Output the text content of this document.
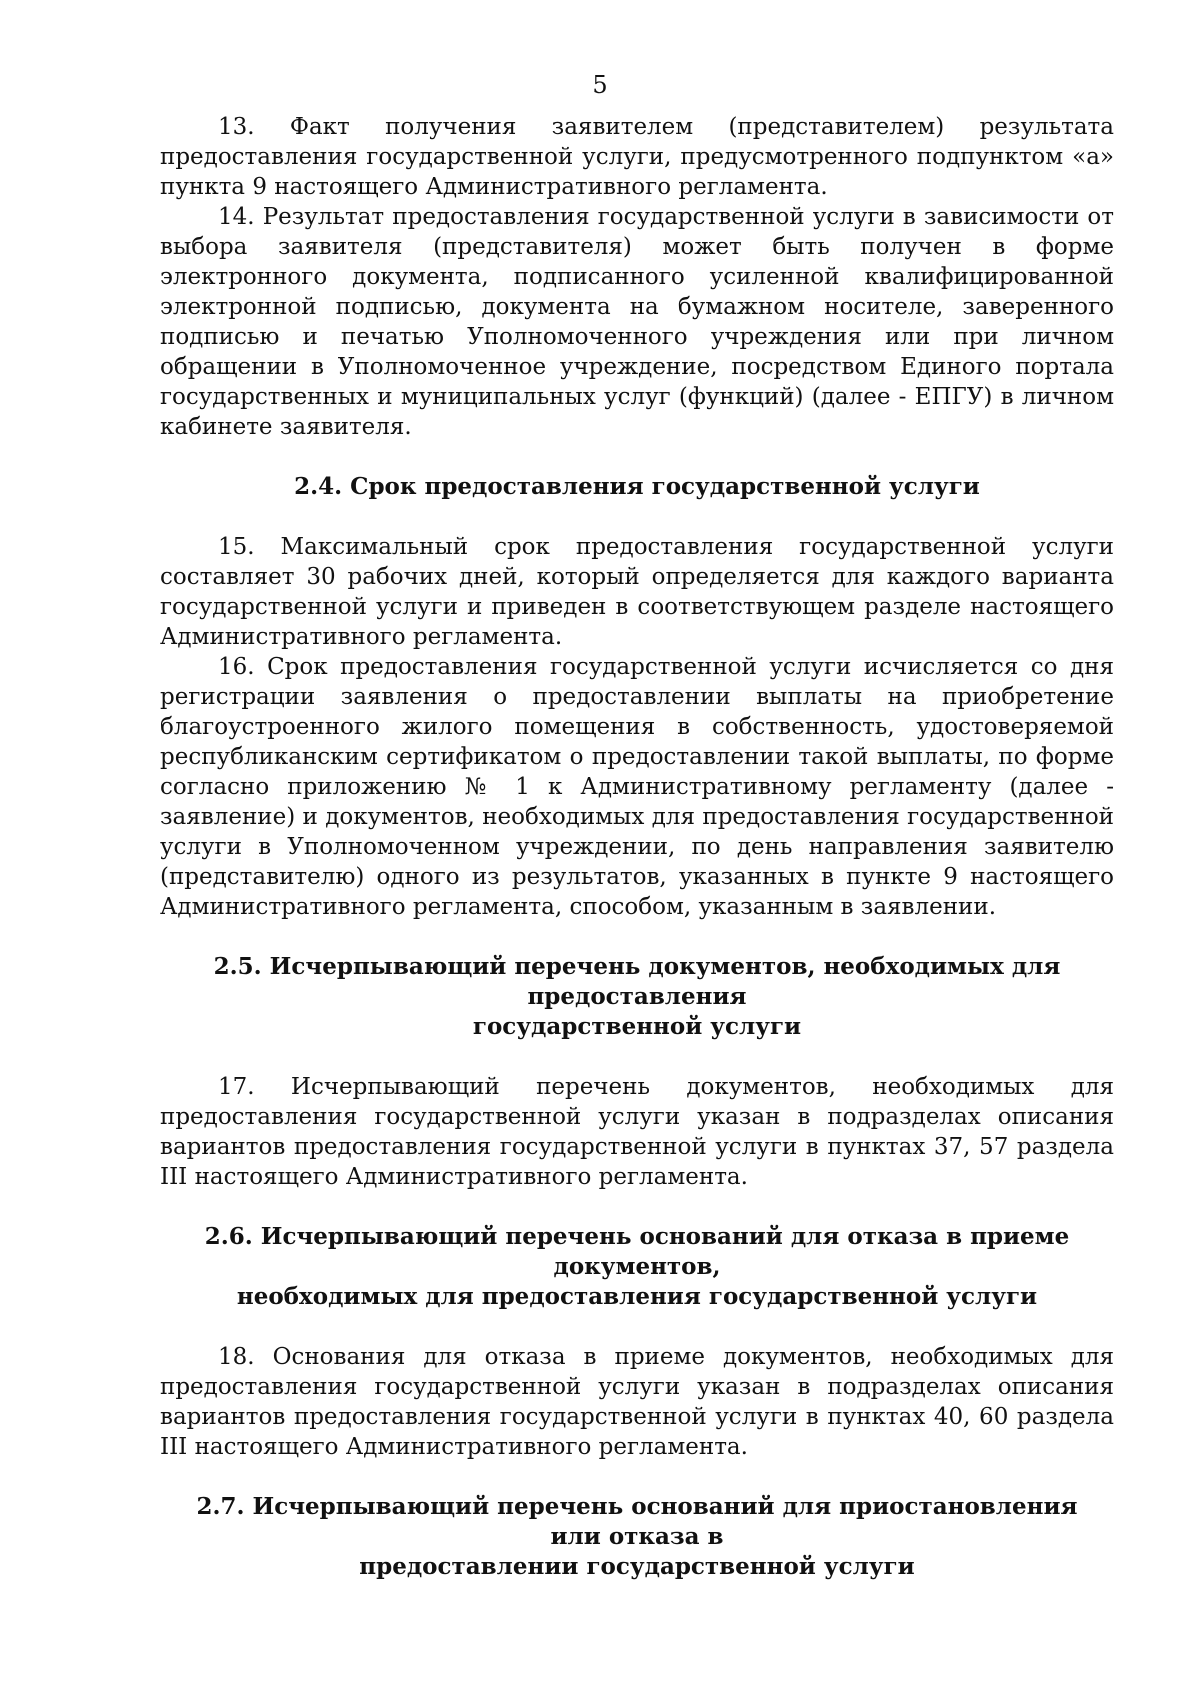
5

13. Факт получения заявителем (представителем) результата предоставления государственной услуги, предусмотренного подпунктом «а» пункта 9 настоящего Административного регламента.

14. Результат предоставления государственной услуги в зависимости от выбора заявителя (представителя) может быть получен в форме электронного документа, подписанного усиленной квалифицированной электронной подписью, документа на бумажном носителе, заверенного подписью и печатью Уполномоченного учреждения или при личном обращении в Уполномоченное учреждение, посредством Единого портала государственных и муниципальных услуг (функций) (далее - ЕПГУ) в личном кабинете заявителя.

2.4. Срок предоставления государственной услуги

15. Максимальный срок предоставления государственной услуги составляет 30 рабочих дней, который определяется для каждого варианта государственной услуги и приведен в соответствующем разделе настоящего Административного регламента.

16. Срок предоставления государственной услуги исчисляется со дня регистрации заявления о предоставлении выплаты на приобретение благоустроенного жилого помещения в собственность, удостоверяемой республиканским сертификатом о предоставлении такой выплаты, по форме согласно приложению № 1 к Административному регламенту (далее - заявление) и документов, необходимых для предоставления государственной услуги в Уполномоченном учреждении, по день направления заявителю (представителю) одного из результатов, указанных в пункте 9 настоящего Административного регламента, способом, указанным в заявлении.

2.5. Исчерпывающий перечень документов, необходимых для предоставления
государственной услуги

17. Исчерпывающий перечень документов, необходимых для предоставления государственной услуги указан в подразделах описания вариантов предоставления государственной услуги в пунктах 37, 57 раздела III настоящего Административного регламента.

2.6. Исчерпывающий перечень оснований для отказа в приеме документов,
необходимых для предоставления государственной услуги

18. Основания для отказа в приеме документов, необходимых для предоставления государственной услуги указан в подразделах описания вариантов предоставления государственной услуги в пунктах 40, 60 раздела III настоящего Административного регламента.

2.7. Исчерпывающий перечень оснований для приостановления или отказа в
предоставлении государственной услуги
